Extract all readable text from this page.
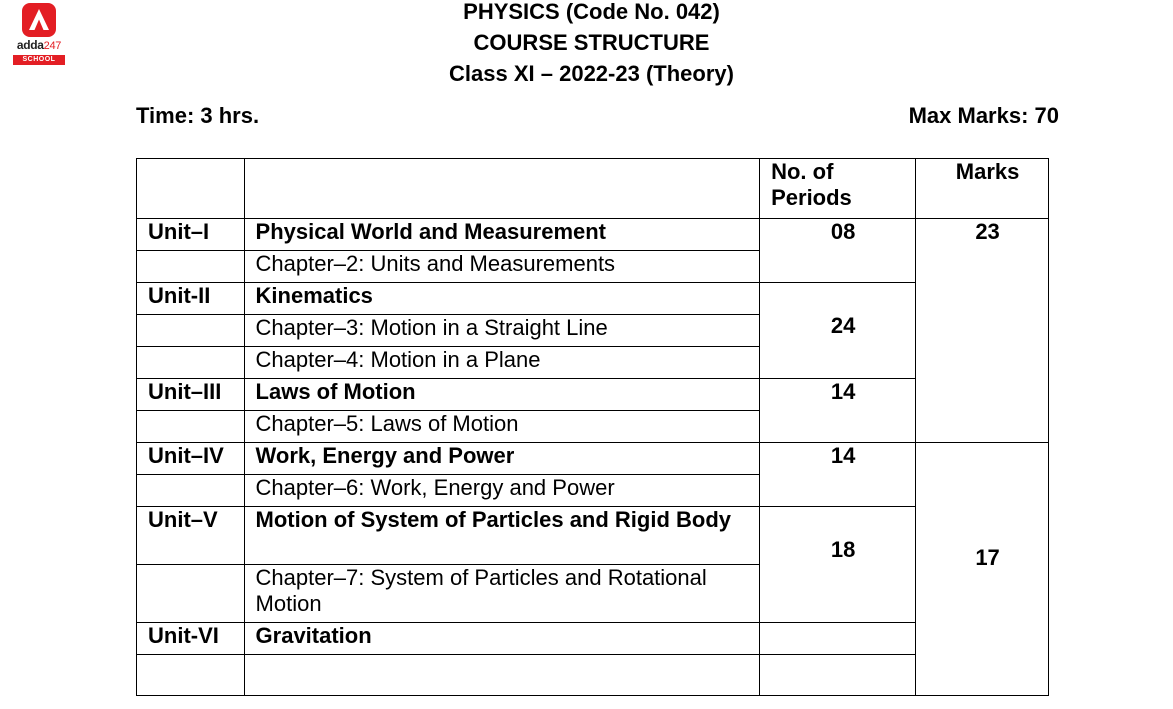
adda247
SCHOOL
PHYSICS (Code No. 042)
COURSE STRUCTURE
Class XI – 2022-23 (Theory)
Time: 3 hrs.	Max Marks: 70
		No. of Periods	Marks
Unit–I	Physical World and Measurement	08	23
	Chapter–2: Units and Measurements		
Unit-II	Kinematics	24	
	Chapter–3: Motion in a Straight Line		
	Chapter–4: Motion in a Plane		
Unit–III	Laws of Motion	14	
	Chapter–5: Laws of Motion		
Unit–IV	Work, Energy and Power	14	17
	Chapter–6: Work, Energy and Power		
Unit–V	Motion of System of Particles and Rigid Body	18	
	Chapter–7: System of Particles and Rotational Motion		
Unit-VI	Gravitation		
